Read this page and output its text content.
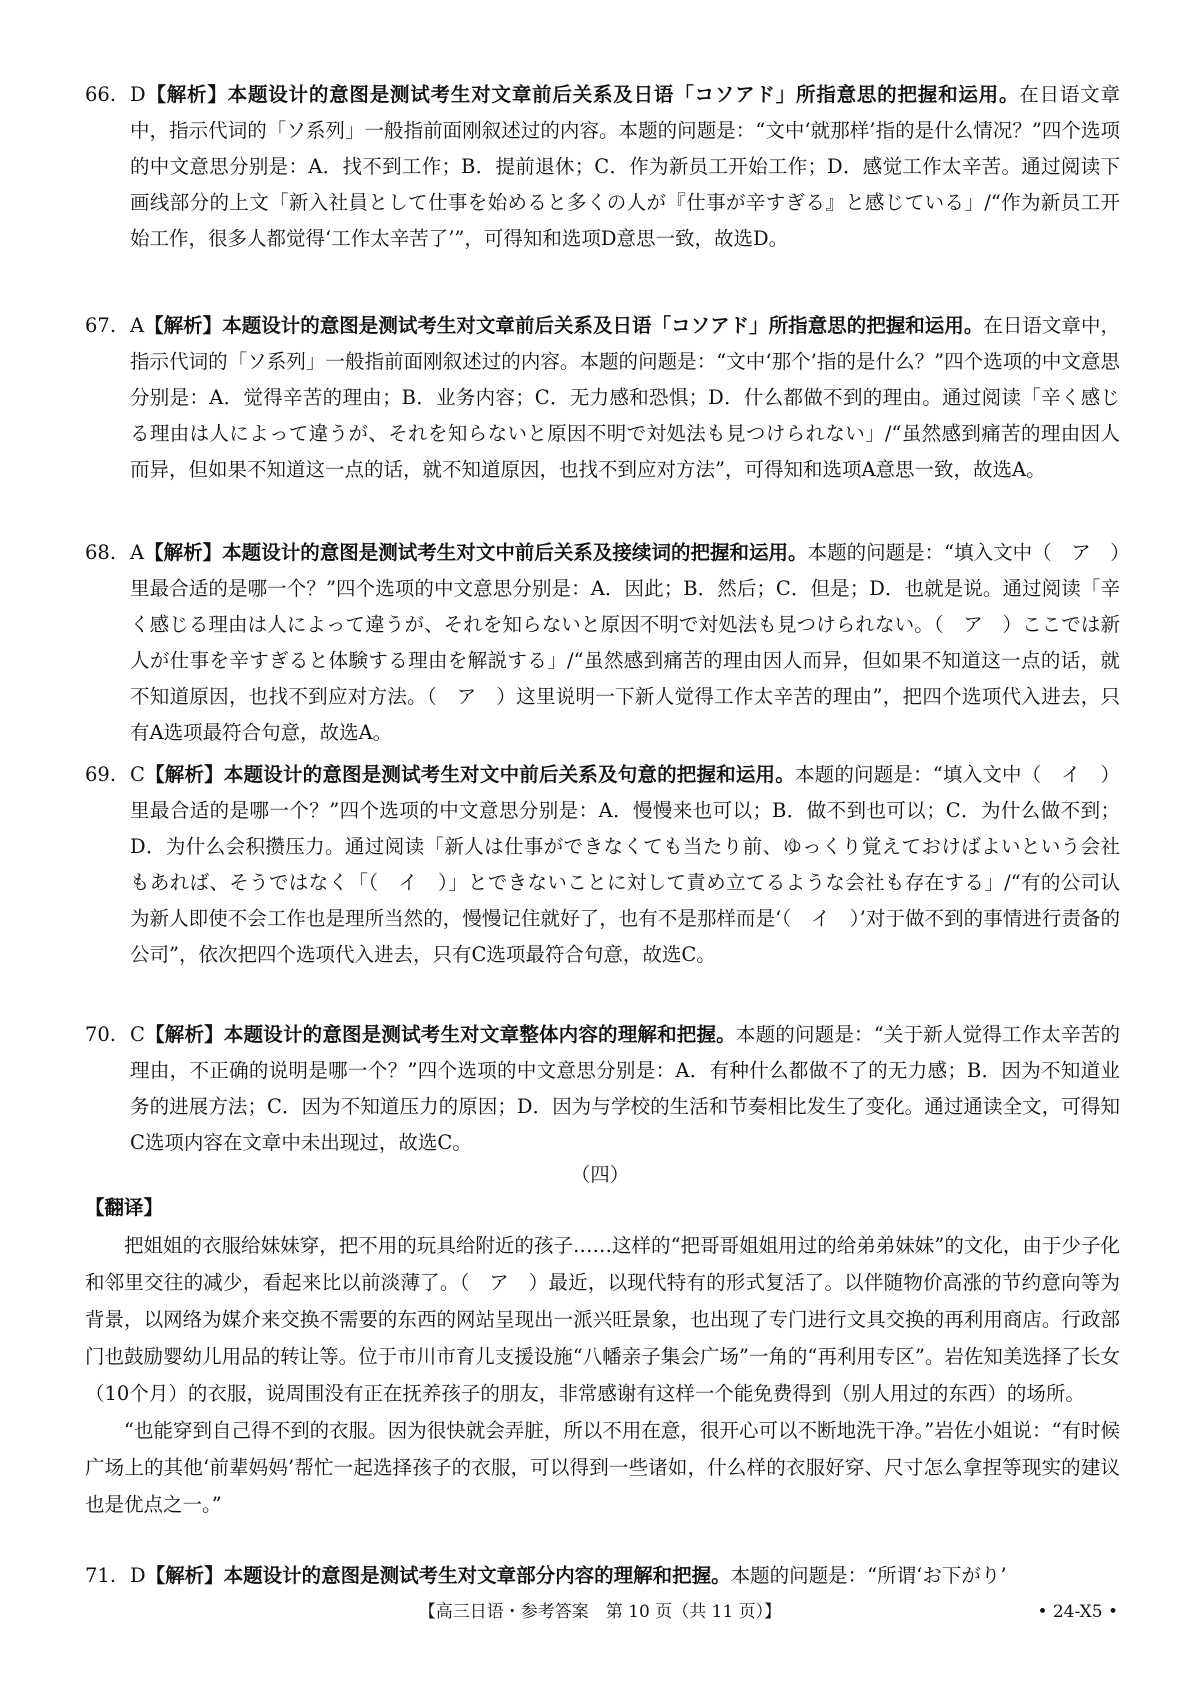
66. D【解析】本题设计的意图是测试考生对文章前后关系及日语「コソアド」所指意思的把握和运用。在日语文章中，指示代词的「ソ系列」一般指前面刚叙述过的内容。本题的问题是：“文中‘就那样’指的是什么情况？”四个选项的中文意思分别是：A．找不到工作；B．提前退休；C．作为新员工开始工作；D．感觉工作太辛苦。通过阅读下画线部分的上文「新入社員として仕事を始めると多くの人が『仕事が辛すぎる』と感じている」/“作为新员工开始工作，很多人都觉得‘工作太辛苦了’”，可得知和选项D意思一致，故选D。
67. A【解析】本题设计的意图是测试考生对文章前后关系及日语「コソアド」所指意思的把握和运用。在日语文章中，指示代词的「ソ系列」一般指前面刚叙述过的内容。本题的问题是：“文中‘那个’指的是什么？”四个选项的中文意思分别是：A．觉得辛苦的理由；B．业务内容；C．无力感和恐惧；D．什么都做不到的理由。通过阅读「辛く感じる理由は人によって違うが、それを知らないと原因不明で対処法も見つけられない」/“虽然感到痛苦的理由因人而异，但如果不知道这一点的话，就不知道原因，也找不到应对方法”，可得知和选项A意思一致，故选A。
68. A【解析】本题设计的意图是测试考生对文中前后关系及接续词的把握和运用。本题的问题是：“填入文中（　ア　）里最合适的是哪一个？”四个选项的中文意思分别是：A．因此；B．然后；C．但是；D．也就是说。通过阅读「辛く感じる理由は人によって違うが、それを知らないと原因不明で対処法も見つけられない。（　ア　）ここでは新人が仕事を辛すぎると体験する理由を解説する」/“虽然感到痛苦的理由因人而异，但如果不知道这一点的话，就不知道原因，也找不到应对方法。（　ア　）这里说明一下新人觉得工作太辛苦的理由”，把四个选项代入进去，只有A选项最符合句意，故选A。
69. C【解析】本题设计的意图是测试考生对文中前后关系及句意的把握和运用。本题的问题是：“填入文中（　イ　）里最合适的是哪一个？”四个选项的中文意思分别是：A．慢慢来也可以；B．做不到也可以；C．为什么做不到；D．为什么会积攒压力。通过阅读「新人は仕事ができなくても当たり前、ゆっくり覚えておけばよいという会社もあれば、そうではなく「（　イ　）」とできないことに対して責め立てるような会社も存在する」/“有的公司认为新人即使不会工作也是理所当然的，慢慢记住就好了，也有不是那样而是‘（　イ　）’对于做不到的事情进行责备的公司”，依次把四个选项代入进去，只有C选项最符合句意，故选C。
70. C【解析】本题设计的意图是测试考生对文章整体内容的理解和把握。本题的问题是：“关于新人觉得工作太辛苦的理由，不正确的说明是哪一个？”四个选项的中文意思分别是：A．有种什么都做不了的无力感；B．因为不知道业务的进展方法；C．因为不知道压力的原因；D．因为与学校的生活和节奏相比发生了变化。通过通读全文，可得知C选项内容在文章中未出现过，故选C。
（四）
【翻译】

把姐姐的衣服给妹妹穿，把不用的玩具给附近的孩子……这样的“把哥哥姐姐用过的给弟弟妹妹”的文化，由于少子化和邻里交往的减少，看起来比以前淡薄了。（　ア　）最近，以现代特有的形式复活了。以伴随物价高涨的节约意向等为背景，以网络为媒介来交换不需要的东西的网站呈现出一派兴旺景象，也出现了专门进行文具交换的再利用商店。行政部门也鼓励婴幼儿用品的转让等。位于市川市育儿支援设施“八幡亲子集会广场”一角的“再利用专区”。岩佐知美选择了长女（10个月）的衣服，说周围没有正在抚养孩子的朋友，非常感谢有这样一个能免费得到（别人用过的东西）的场所。

“也能穿到自己得不到的衣服。因为很快就会弄脏，所以不用在意，很开心可以不断地洗干净。”岩佐小姐说：“有时候广场上的其他‘前辈妈妈’帮忙一起选择孩子的衣服，可以得到一些诸如，什么样的衣服好穿、尺寸怎么拿捏等现实的建议也是优点之一。”

71. D【解析】本题设计的意图是测试考生对文章部分内容的理解和把握。本题的问题是：“所谓‘お下がり’
【高三日语・参考答案　第 10 页（共 11 页）】	• 24-X5 •
